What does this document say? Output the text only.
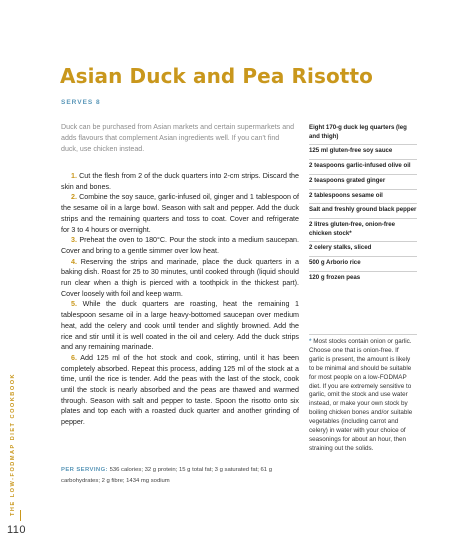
Asian Duck and Pea Risotto
SERVES 8

Duck can be purchased from Asian markets and certain supermarkets and adds flavours that complement Asian ingredients well. If you can't find duck, use chicken instead.

1. Cut the flesh from 2 of the duck quarters into 2-cm strips. Discard the skin and bones.
2. Combine the soy sauce, garlic-infused oil, ginger and 1 tablespoon of the sesame oil in a large bowl. Season with salt and pepper. Add the duck strips and the remaining quarters and toss to coat. Cover and refrigerate for 3 to 4 hours or overnight.
3. Preheat the oven to 180°C. Pour the stock into a medium saucepan. Cover and bring to a gentle simmer over low heat.
4. Reserving the strips and marinade, place the duck quarters in a baking dish. Roast for 25 to 30 minutes, until cooked through (liquid should run clear when a thigh is pierced with a toothpick in the thickest part). Cover loosely with foil and keep warm.
5. While the duck quarters are roasting, heat the remaining 1 tablespoon sesame oil in a large heavy-bottomed saucepan over medium heat, add the celery and cook until tender and slightly browned. Add the rice and stir until it is well coated in the oil and celery. Add the duck strips and any remaining marinade.
6. Add 125 ml of the hot stock and cook, stirring, until it has been completely absorbed. Repeat this process, adding 125 ml of the stock at a time, until the rice is tender. Add the peas with the last of the stock, cook until the stock is nearly absorbed and the peas are thawed and warmed through. Season with salt and pepper to taste. Spoon the risotto onto six plates and top each with a roasted duck quarter and another grinding of pepper.
PER SERVING: 536 calories; 32 g protein; 15 g total fat; 3 g saturated fat; 61 g carbohydrates; 2 g fibre; 1434 mg sodium
Eight 170-g duck leg quarters (leg and thigh)
125 ml gluten-free soy sauce
2 teaspoons garlic-infused olive oil
2 teaspoons grated ginger
2 tablespoons sesame oil
Salt and freshly ground black pepper
2 litres gluten-free, onion-free chicken stock*
2 celery stalks, sliced
500 g Arborio rice
120 g frozen peas

* Most stocks contain onion or garlic. Choose one that is onion-free. If garlic is present, the amount is likely to be minimal and should be suitable for most people on a low-FODMAP diet. If you are extremely sensitive to garlic, omit the stock and use water instead, or make your own stock by boiling chicken bones and/or suitable vegetables (including carrot and celery) in water with your choice of seasonings for about an hour, then straining out the solids.

THE LOW-FODMAP DIET COOKBOOK
110
